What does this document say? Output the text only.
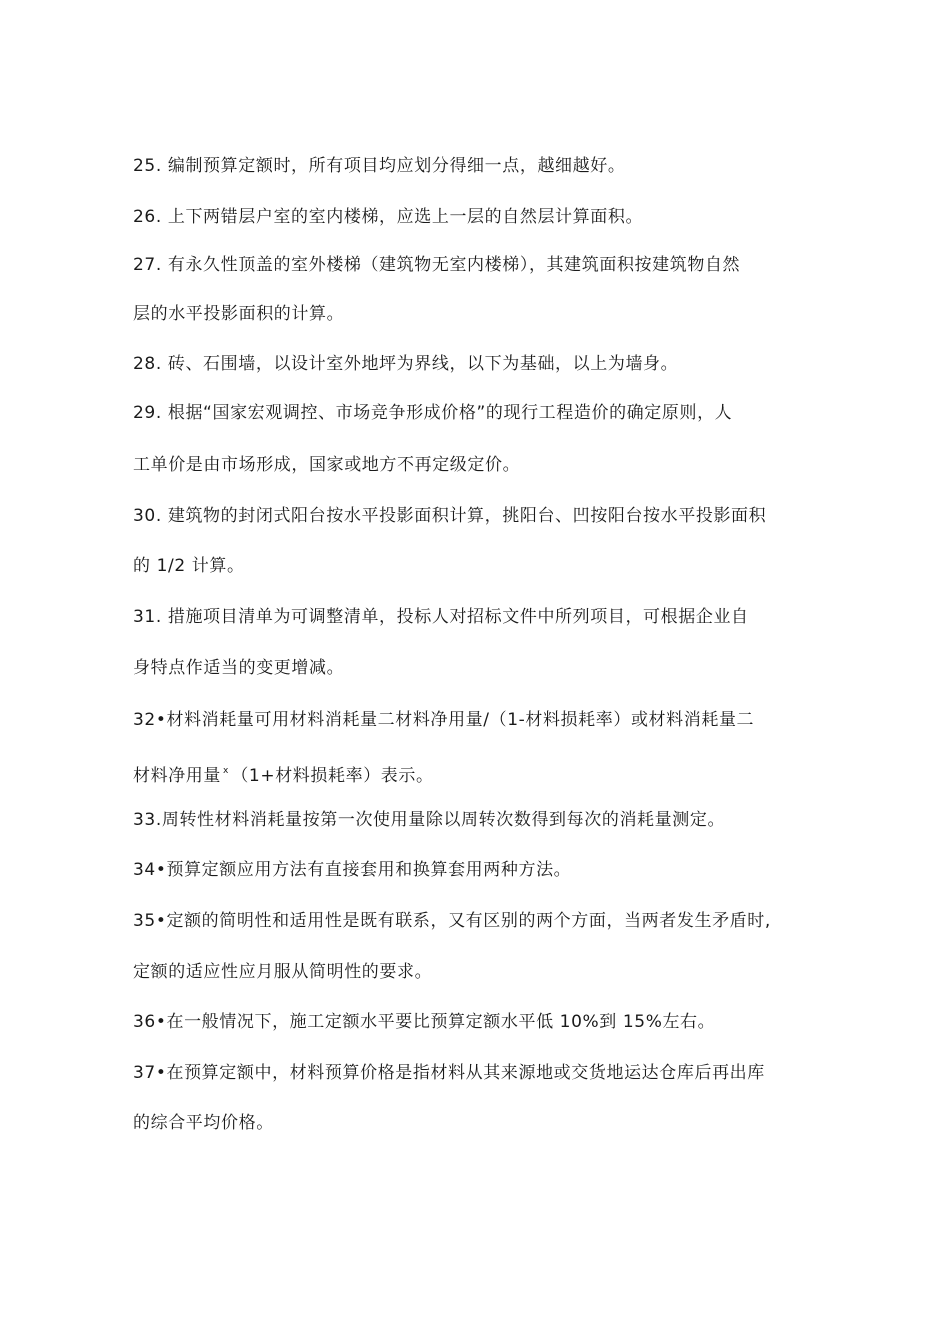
25. 编制预算定额时，所有项目均应划分得细一点，越细越好。
26. 上下两错层户室的室内楼梯，应选上一层的自然层计算面积。
27. 有永久性顶盖的室外楼梯（建筑物无室内楼梯），其建筑面积按建筑物自然
层的水平投影面积的计算。
28. 砖、石围墙，以设计室外地坪为界线，以下为基础，以上为墙身。
29. 根据“国家宏观调控、市场竞争形成价格”的现行工程造价的确定原则，人
工单价是由市场形成，国家或地方不再定级定价。
30. 建筑物的封闭式阳台按水平投影面积计算，挑阳台、凹按阳台按水平投影面积
的 1/2 计算。
31. 措施项目清单为可调整清单，投标人对招标文件中所列项目，可根据企业自
身特点作适当的变更增减。
32•材料消耗量可用材料消耗量二材料净用量/（1-材料损耗率）或材料消耗量二
材料净用量 $^x$ （1+材料损耗率）表示。
33.周转性材料消耗量按第一次使用量除以周转次数得到每次的消耗量测定。
34•预算定额应用方法有直接套用和换算套用两种方法。
35•定额的简明性和适用性是既有联系，又有区别的两个方面，当两者发生矛盾时,
定额的适应性应月服从简明性的要求。
36•在一般情况下，施工定额水平要比预算定额水平低 10%到 15%左右。
37•在预算定额中，材料预算价格是指材料从其来源地或交货地运达仓库后再出库
的综合平均价格。
